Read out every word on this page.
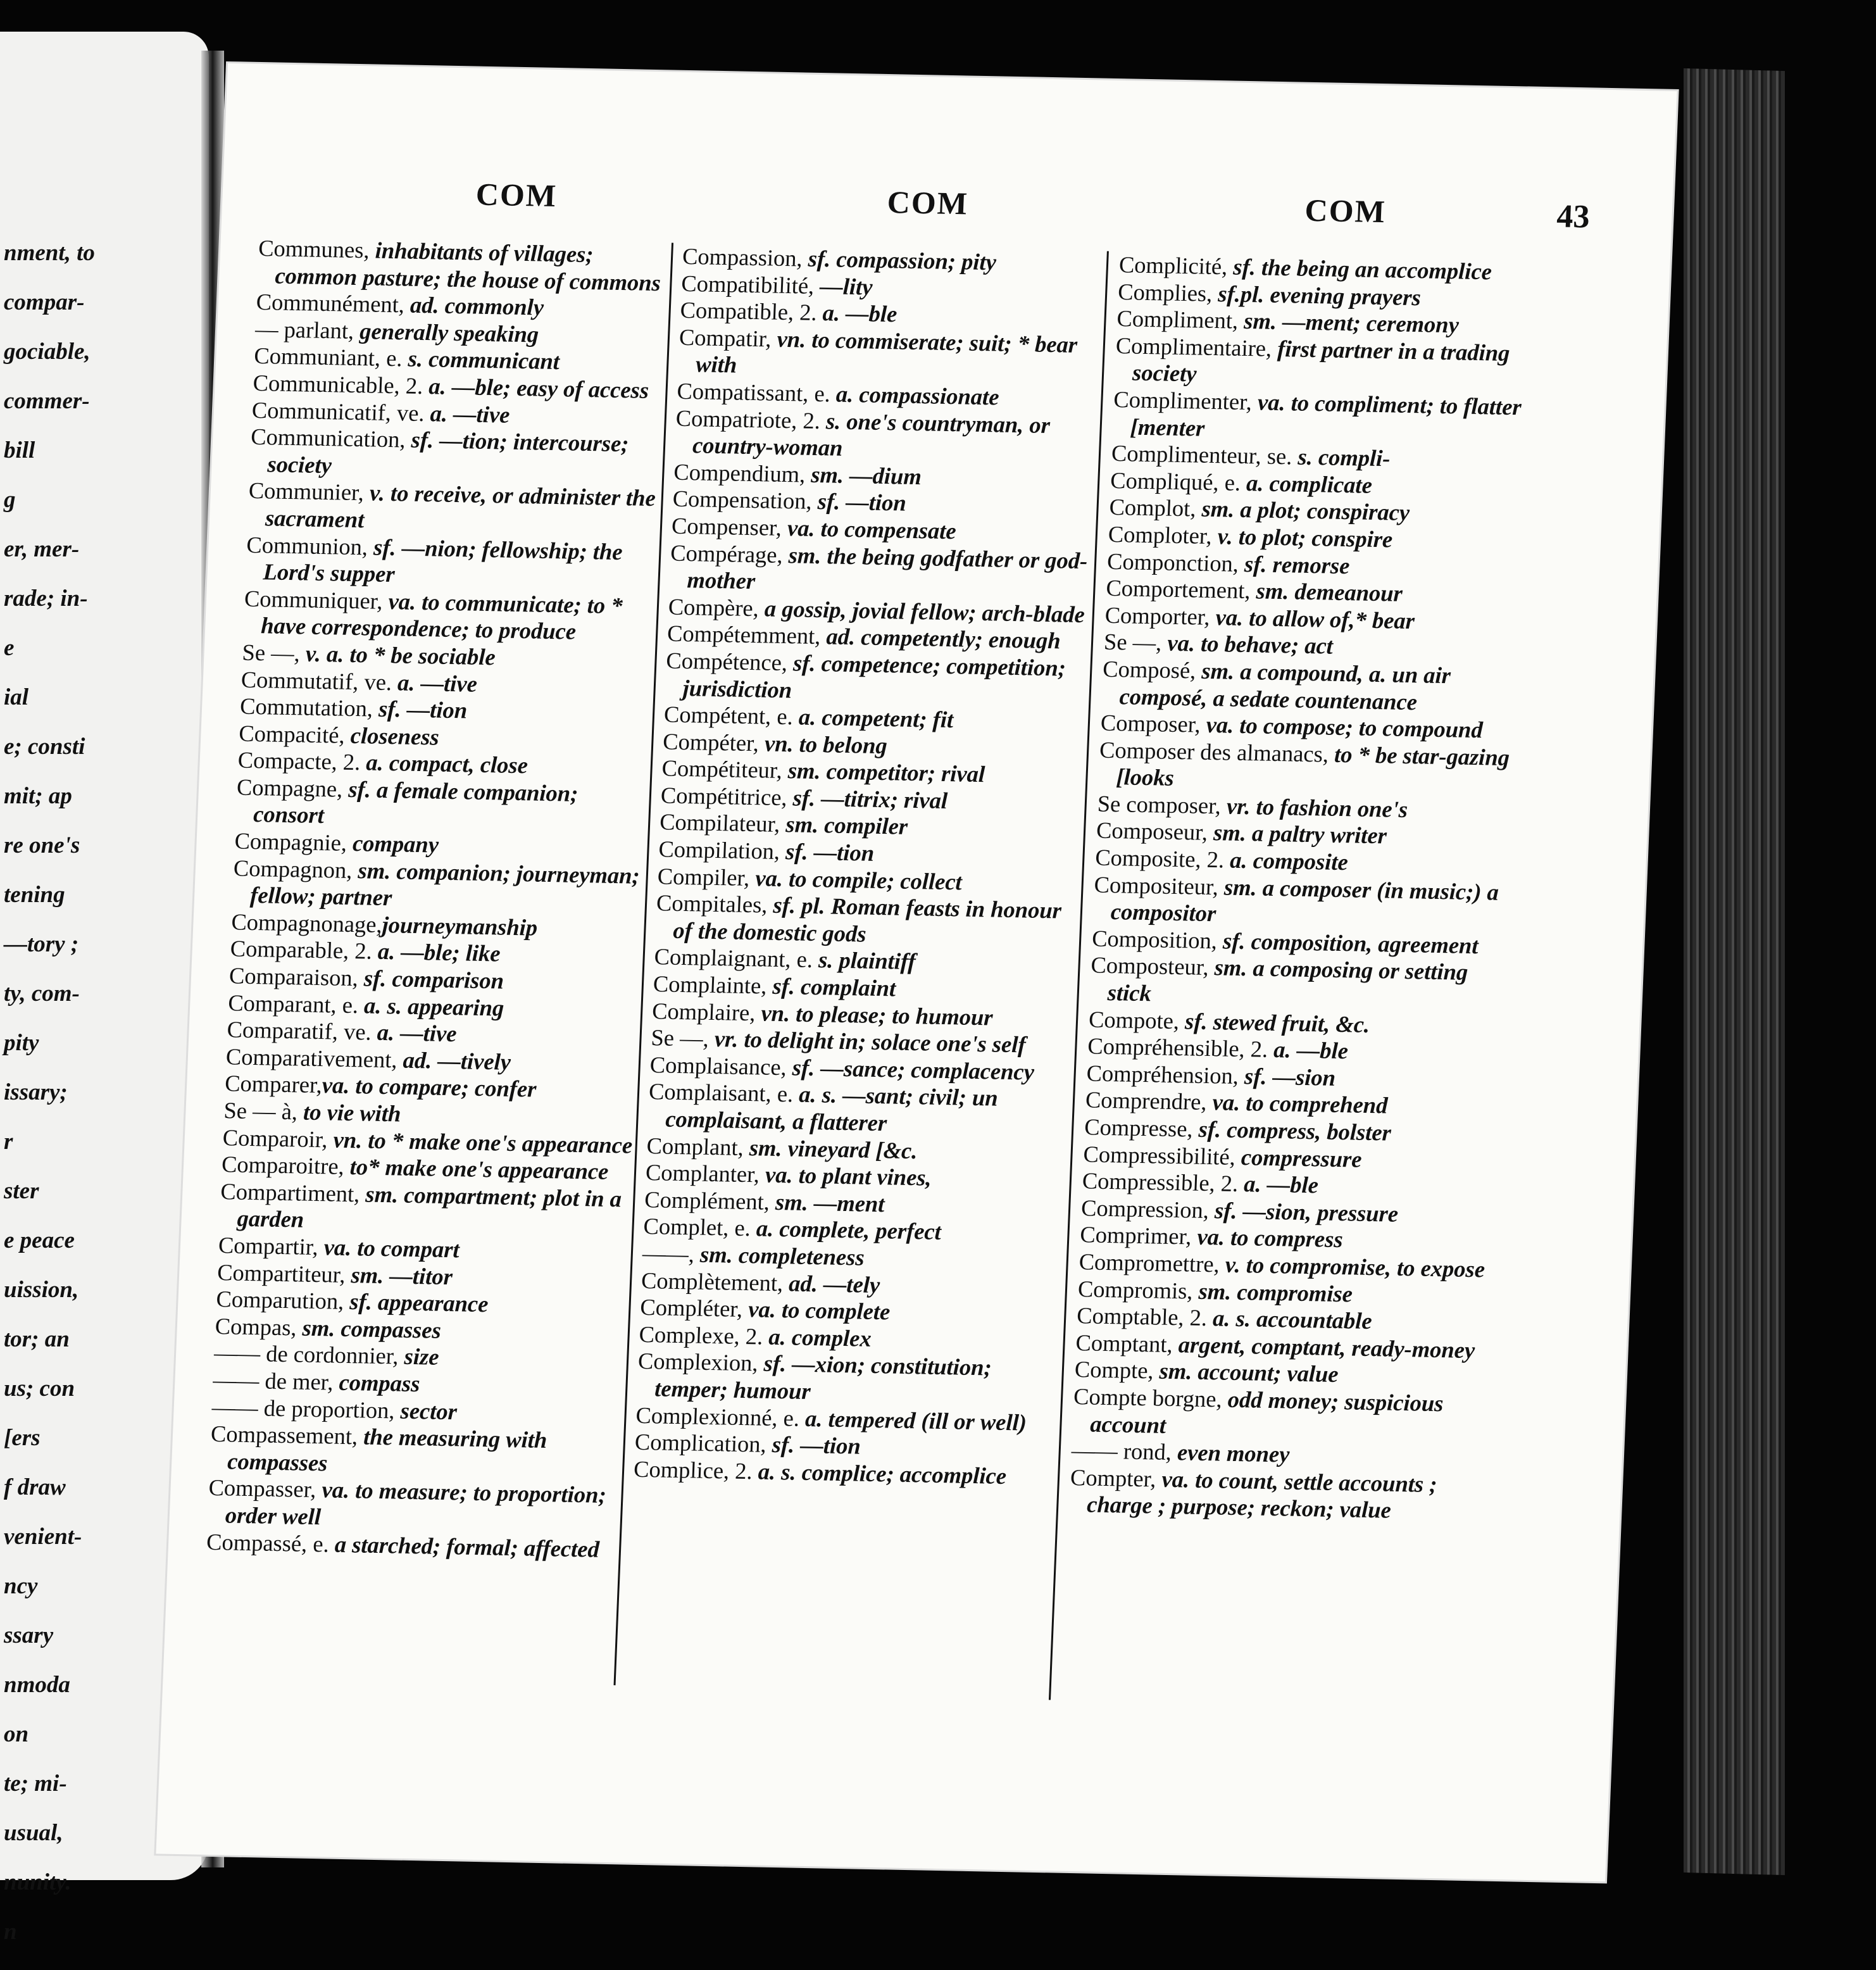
nment, to
compar-
gociable,
commer-
bill
g
er, mer-
rade; in-
e
ial
e; consti
mit; ap
re one's
tening
—tory ;
ty, com-
pity
issary;
r
ster
e peace
uission,
tor; an
us; con
[ers
f draw
venient-
ncy
ssary
nmoda
on
te; mi-
usual,
nunity.
n
COM	COM	COM	43

Communes, inhabitants of villages; common pasture; the house of commons

Communément, ad. commonly

— parlant, generally speaking

Communiant, e. s. communicant

Communicable, 2. a. —ble; easy of access

Communicatif, ve. a. —tive

Communication, sf. —tion; intercourse; society

Communier, v. to receive, or administer the sacrament

Communion, sf. —nion; fellowship; the Lord's supper

Communiquer, va. to communicate; to * have correspondence; to produce

Se —, v. a. to * be sociable

Commutatif, ve. a. —tive

Commutation, sf. —tion

Compacité, closeness

Compacte, 2. a. compact, close

Compagne, sf. a female companion; consort

Compagnie, company

Compagnon, sm. companion; journeyman; fellow; partner

Compagnonage,journeymanship

Comparable, 2. a. —ble; like

Comparaison, sf. comparison

Comparant, e. a. s. appearing

Comparatif, ve. a. —tive

Comparativement, ad. —tively

Comparer,va. to compare; confer

Se — à, to vie with

Comparoir, vn. to * make one's appearance

Comparoitre, to* make one's appearance

Compartiment, sm. compartment; plot in a garden

Compartir, va. to compart

Compartiteur, sm. —titor

Comparution, sf. appearance

Compas, sm. compasses

—— de cordonnier, size

—— de mer, compass

—— de proportion, sector

Compassement, the measuring with compasses

Compasser, va. to measure; to proportion; order well

Compassé, e. a starched; formal; affected

Compassion, sf. compassion; pity

Compatibilité, —lity

Compatible, 2. a. —ble

Compatir, vn. to commiserate; suit; * bear with

Compatissant, e. a. compassionate

Compatriote, 2. s. one's countryman, or country-woman

Compendium, sm. —dium

Compensation, sf. —tion

Compenser, va. to compensate

Compérage, sm. the being godfather or god-mother

Compère, a gossip, jovial fellow; arch-blade

Compétemment, ad. competently; enough

Compétence, sf. competence; competition; jurisdiction

Compétent, e. a. competent; fit

Compéter, vn. to belong

Compétiteur, sm. competitor; rival

Compétitrice, sf. —titrix; rival

Compilateur, sm. compiler

Compilation, sf. —tion

Compiler, va. to compile; collect

Compitales, sf. pl. Roman feasts in honour of the domestic gods

Complaignant, e. s. plaintiff

Complainte, sf. complaint

Complaire, vn. to please; to humour

Se —, vr. to delight in; solace one's self

Complaisance, sf. —sance; complacency

Complaisant, e. a. s. —sant; civil; un complaisant, a flatterer

Complant, sm. vineyard [&c.

Complanter, va. to plant vines,

Complément, sm. —ment

Complet, e. a. complete, perfect

——, sm. completeness

Complètement, ad. —tely

Compléter, va. to complete

Complexe, 2. a. complex

Complexion, sf. —xion; constitution; temper; humour

Complexionné, e. a. tempered (ill or well)

Complication, sf. —tion

Complice, 2. a. s. complice; accomplice

Complicité, sf. the being an accomplice

Complies, sf.pl. evening prayers

Compliment, sm. —ment; ceremony

Complimentaire, first partner in a trading society

Complimenter, va. to compliment; to flatter [menter

Complimenteur, se. s. compli-

Compliqué, e. a. complicate

Complot, sm. a plot; conspiracy

Comploter, v. to plot; conspire

Componction, sf. remorse

Comportement, sm. demeanour

Comporter, va. to allow of,* bear

Se —, va. to behave; act

Composé, sm. a compound, a. un air composé, a sedate countenance

Composer, va. to compose; to compound

Composer des almanacs, to * be star-gazing [looks

Se composer, vr. to fashion one's

Composeur, sm. a paltry writer

Composite, 2. a. composite

Compositeur, sm. a composer (in music;) a compositor

Composition, sf. composition, agreement

Composteur, sm. a composing or setting stick

Compote, sf. stewed fruit, &c.

Compréhensible, 2. a. —ble

Compréhension, sf. —sion

Comprendre, va. to comprehend

Compresse, sf. compress, bolster

Compressibilité, compressure

Compressible, 2. a. —ble

Compression, sf. —sion, pressure

Comprimer, va. to compress

Compromettre, v. to compromise, to expose

Compromis, sm. compromise

Comptable, 2. a. s. accountable

Comptant, argent, comptant, ready-money

Compte, sm. account; value

Compte borgne, odd money; suspicious account

—— rond, even money

Compter, va. to count, settle accounts ; charge ; purpose; reckon; value
